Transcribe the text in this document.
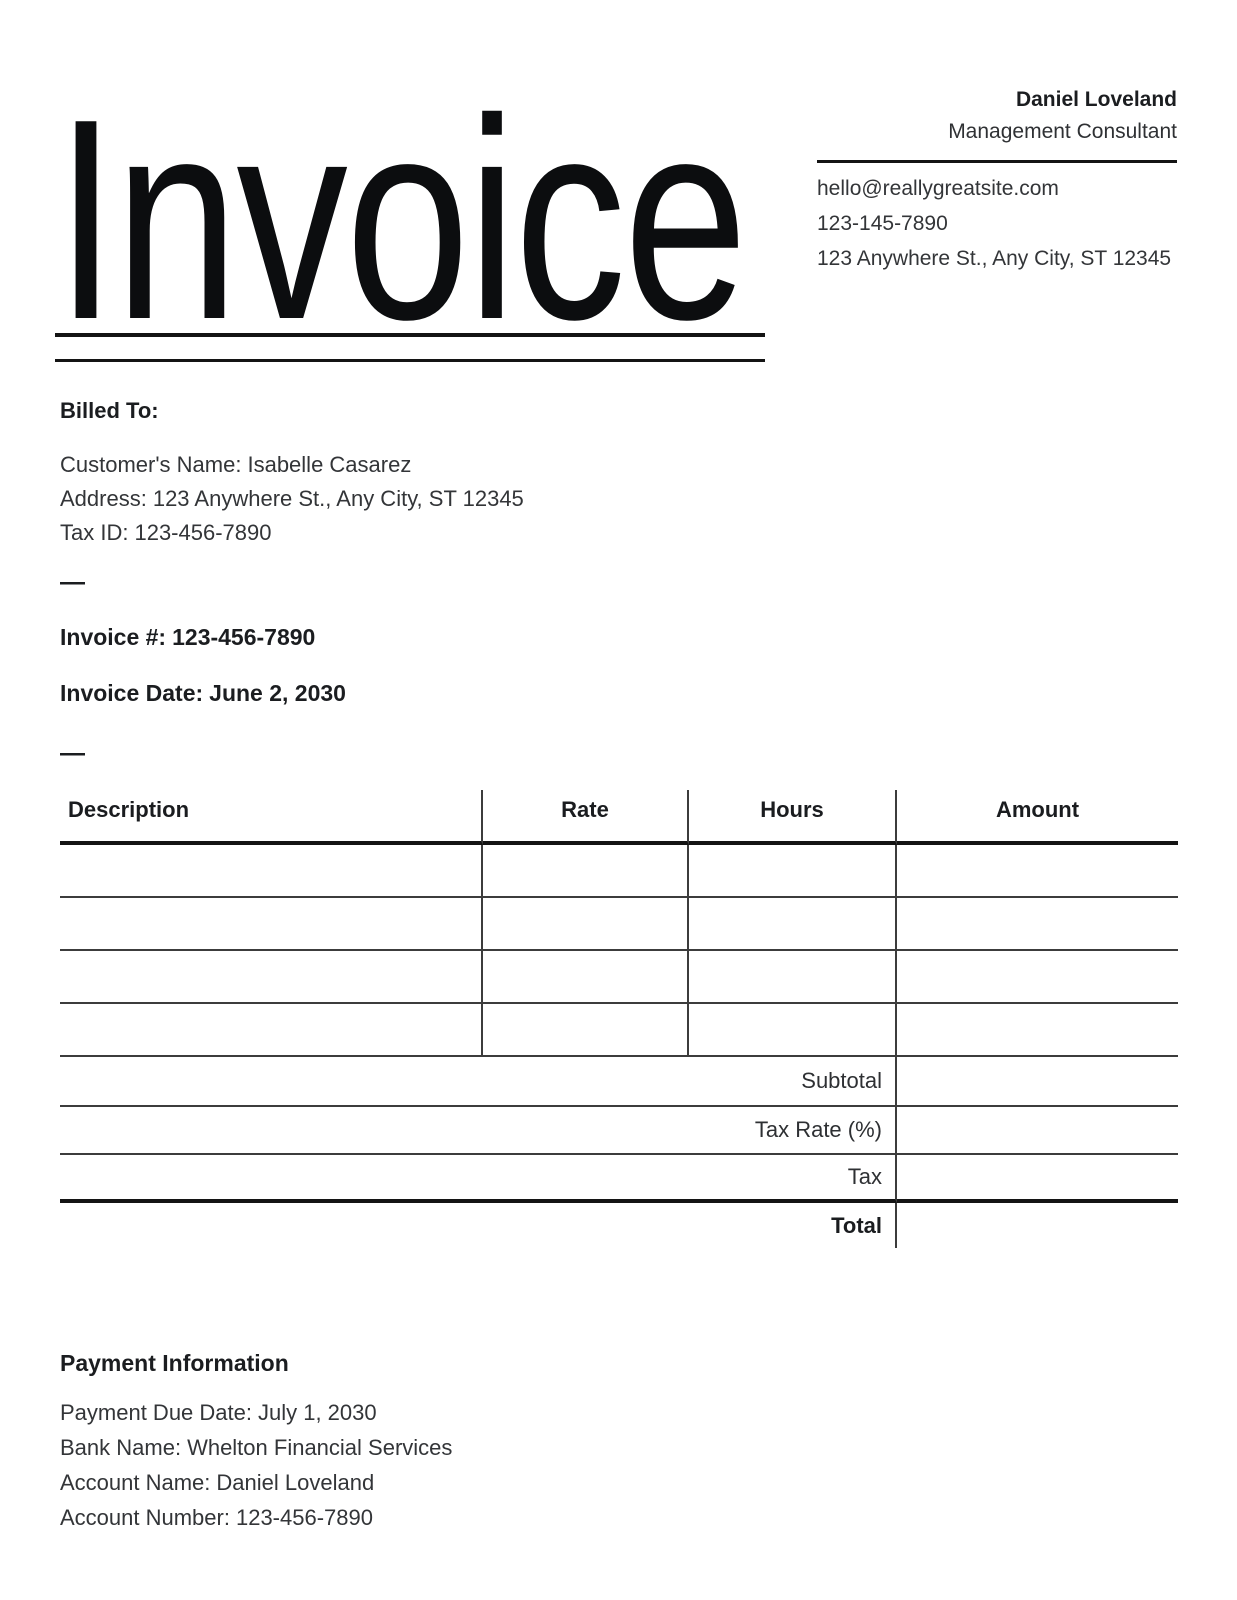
Invoice	Daniel Loveland
Management Consultant

hello@reallygreatsite.com

123-145-7890

123 Anywhere St., Any City, ST 12345

Billed To:

Customer's Name: Isabelle Casarez

Address: 123 Anywhere St., Any City, ST 12345

Tax ID: 123-456-7890

—

Invoice #: 123-456-7890

Invoice Date: June 2, 2030

—
Description	Rate	Hours	Amount
Subtotal
Tax Rate (%)
Tax
Total
Payment Information

Payment Due Date: July 1, 2030

Bank Name: Whelton Financial Services

Account Name: Daniel Loveland

Account Number: 123-456-7890
